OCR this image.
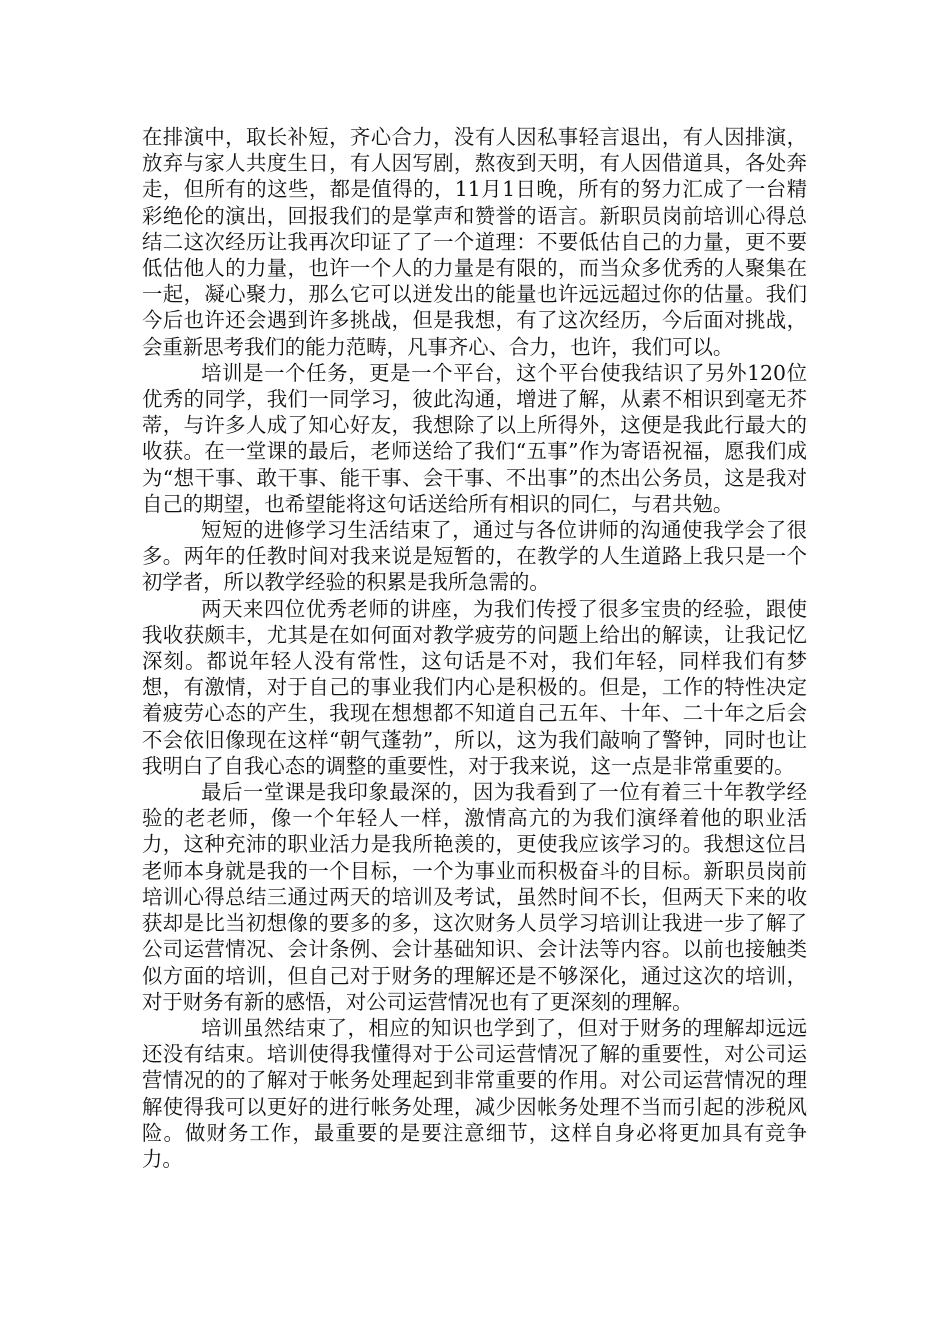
在排演中，取长补短，齐心合力，没有人因私事轻言退出，有人因排演，放弃与家人共度生日，有人因写剧，熬夜到天明，有人因借道具，各处奔走，但所有的这些，都是值得的，11月1日晚，所有的努力汇成了一台精彩绝伦的演出，回报我们的是掌声和赞誉的语言。新职员岗前培训心得总结二这次经历让我再次印证了了一个道理：不要低估自己的力量，更不要低估他人的力量，也许一个人的力量是有限的，而当众多优秀的人聚集在一起，凝心聚力，那么它可以迸发出的能量也许远远超过你的估量。我们今后也许还会遇到许多挑战，但是我想，有了这次经历，今后面对挑战，会重新思考我们的能力范畴，凡事齐心、合力，也许，我们可以。

培训是一个任务，更是一个平台，这个平台使我结识了另外120位优秀的同学，我们一同学习，彼此沟通，增进了解，从素不相识到毫无芥蒂，与许多人成了知心好友，我想除了以上所得外，这便是我此行最大的收获。在一堂课的最后，老师送给了我们“五事”作为寄语祝福，愿我们成为“想干事、敢干事、能干事、会干事、不出事”的杰出公务员，这是我对自己的期望，也希望能将这句话送给所有相识的同仁，与君共勉。

短短的进修学习生活结束了，通过与各位讲师的沟通使我学会了很多。两年的任教时间对我来说是短暂的，在教学的人生道路上我只是一个初学者，所以教学经验的积累是我所急需的。

两天来四位优秀老师的讲座，为我们传授了很多宝贵的经验，跟使我收获颇丰，尤其是在如何面对教学疲劳的问题上给出的解读，让我记忆深刻。都说年轻人没有常性，这句话是不对，我们年轻，同样我们有梦想，有激情，对于自己的事业我们内心是积极的。但是，工作的特性决定着疲劳心态的产生，我现在想想都不知道自己五年、十年、二十年之后会不会依旧像现在这样“朝气蓬勃”，所以，这为我们敲响了警钟，同时也让我明白了自我心态的调整的重要性，对于我来说，这一点是非常重要的。

最后一堂课是我印象最深的，因为我看到了一位有着三十年教学经验的老老师，像一个年轻人一样，激情高亢的为我们演绎着他的职业活力，这种充沛的职业活力是我所艳羡的，更使我应该学习的。我想这位吕老师本身就是我的一个目标，一个为事业而积极奋斗的目标。新职员岗前培训心得总结三通过两天的培训及考试，虽然时间不长，但两天下来的收获却是比当初想像的要多的多，这次财务人员学习培训让我进一步了解了公司运营情况、会计条例、会计基础知识、会计法等内容。以前也接触类似方面的培训，但自己对于财务的理解还是不够深化，通过这次的培训，对于财务有新的感悟，对公司运营情况也有了更深刻的理解。

培训虽然结束了，相应的知识也学到了，但对于财务的理解却远远还没有结束。培训使得我懂得对于公司运营情况了解的重要性，对公司运营情况的的了解对于帐务处理起到非常重要的作用。对公司运营情况的理解使得我可以更好的进行帐务处理，减少因帐务处理不当而引起的涉税风险。做财务工作，最重要的是要注意细节，这样自身必将更加具有竞争力。
